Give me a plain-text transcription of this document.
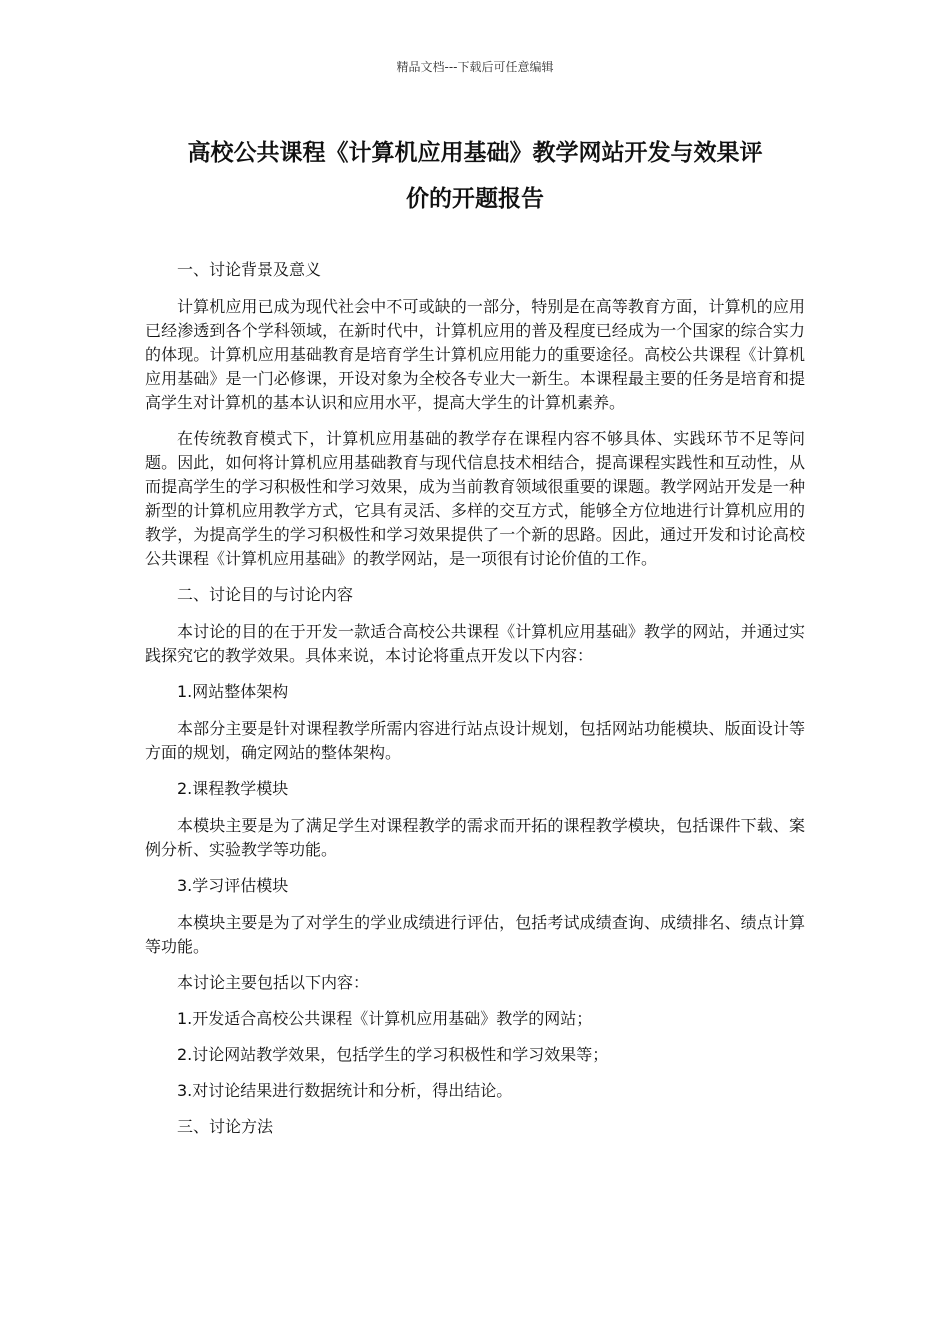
精品文档---下载后可任意编辑
高校公共课程《计算机应用基础》教学网站开发与效果评
价的开题报告

一、讨论背景及意义

计算机应用已成为现代社会中不可或缺的一部分，特别是在高等教育方面，计算机的应用已经渗透到各个学科领域，在新时代中，计算机应用的普及程度已经成为一个国家的综合实力的体现。计算机应用基础教育是培育学生计算机应用能力的重要途径。高校公共课程《计算机应用基础》是一门必修课，开设对象为全校各专业大一新生。本课程最主要的任务是培育和提高学生对计算机的基本认识和应用水平，提高大学生的计算机素养。

在传统教育模式下，计算机应用基础的教学存在课程内容不够具体、实践环节不足等问题。因此，如何将计算机应用基础教育与现代信息技术相结合，提高课程实践性和互动性，从而提高学生的学习积极性和学习效果，成为当前教育领域很重要的课题。教学网站开发是一种新型的计算机应用教学方式，它具有灵活、多样的交互方式，能够全方位地进行计算机应用的教学，为提高学生的学习积极性和学习效果提供了一个新的思路。因此，通过开发和讨论高校公共课程《计算机应用基础》的教学网站，是一项很有讨论价值的工作。

二、讨论目的与讨论内容

本讨论的目的在于开发一款适合高校公共课程《计算机应用基础》教学的网站，并通过实践探究它的教学效果。具体来说，本讨论将重点开发以下内容：

1.网站整体架构

本部分主要是针对课程教学所需内容进行站点设计规划，包括网站功能模块、版面设计等方面的规划，确定网站的整体架构。

2.课程教学模块

本模块主要是为了满足学生对课程教学的需求而开拓的课程教学模块，包括课件下载、案例分析、实验教学等功能。

3.学习评估模块

本模块主要是为了对学生的学业成绩进行评估，包括考试成绩查询、成绩排名、绩点计算等功能。

本讨论主要包括以下内容：

1.开发适合高校公共课程《计算机应用基础》教学的网站；

2.讨论网站教学效果，包括学生的学习积极性和学习效果等；

3.对讨论结果进行数据统计和分析，得出结论。

三、讨论方法
